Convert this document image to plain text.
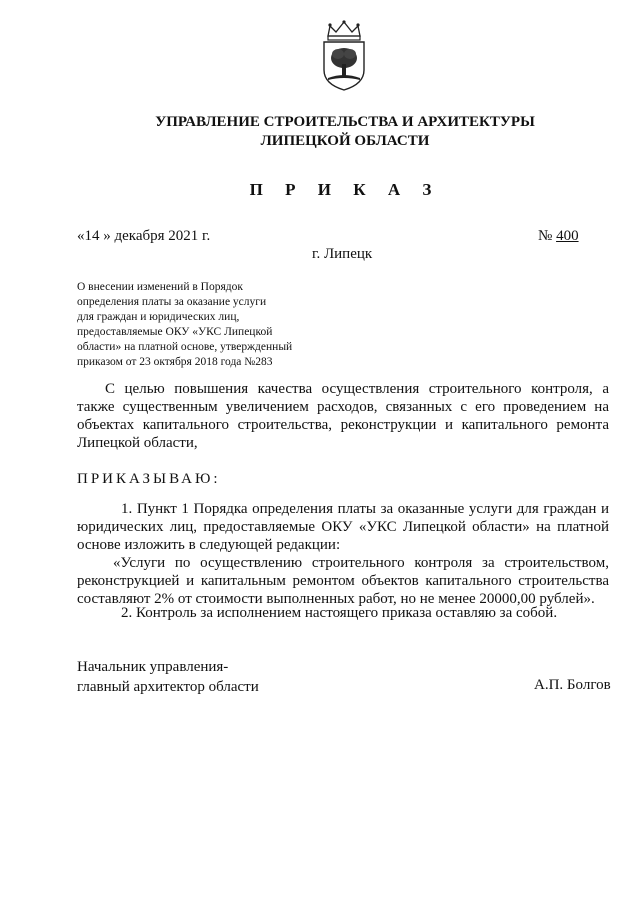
УПРАВЛЕНИЕ СТРОИТЕЛЬСТВА И АРХИТЕКТУРЫ
ЛИПЕЦКОЙ ОБЛАСТИ
П Р И К А З
«14 » декабря 2021 г.	№ 400
г. Липецк
О внесении изменений в Порядок
определения платы за оказание услуги
для граждан и юридических лиц,
предоставляемые ОКУ «УКС Липецкой
области» на платной основе, утвержденный
приказом от 23 октября 2018 года №283
С целью повышения качества осуществления строительного контроля, а также существенным увеличением расходов, связанных с его проведением на объектах капитального строительства, реконструкции и капитального ремонта Липецкой области,
ПРИКАЗЫВАЮ:
1. Пункт 1 Порядка определения платы за оказанные услуги для граждан и юридических лиц, предоставляемые ОКУ «УКС Липецкой области» на платной основе изложить в следующей редакции:
«Услуги по осуществлению строительного контроля за строительством, реконструкцией и капитальным ремонтом объектов капитального строительства составляют 2% от стоимости выполненных работ, но не менее 20000,00 рублей».
2. Контроль за исполнением настоящего приказа оставляю за собой.
Начальник управления-
главный архитектор области	А.П. Болгов
